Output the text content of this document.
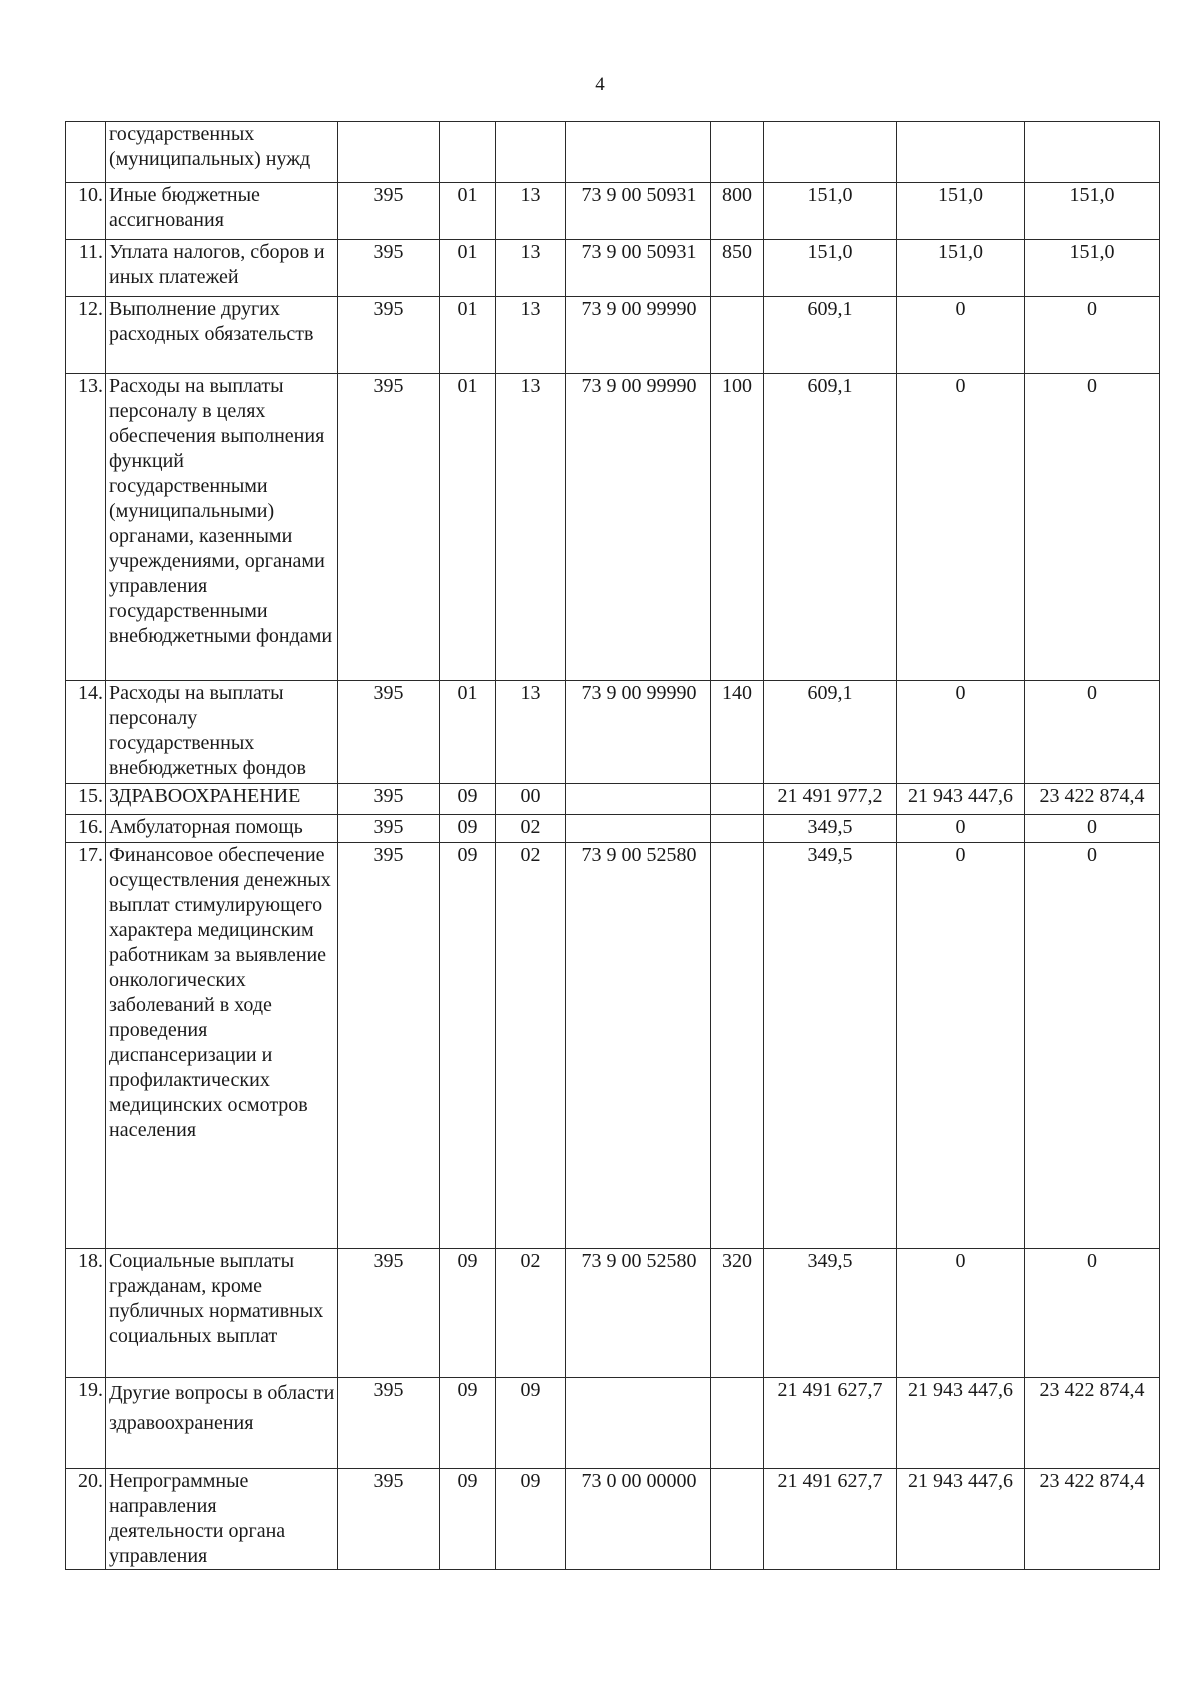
4
	государственных (муниципальных) нужд								
10.	Иные бюджетные ассигнования	395	01	13	73 9 00 50931	800	151,0	151,0	151,0
11.	Уплата налогов, сборов и иных платежей	395	01	13	73 9 00 50931	850	151,0	151,0	151,0
12.	Выполнение других расходных обязательств	395	01	13	73 9 00 99990		609,1	0	0
13.	Расходы на выплаты персоналу в целях обеспечения выполнения функций государственными (муниципальными) органами, казенными учреждениями, органами управления государственными внебюджетными фондами	395	01	13	73 9 00 99990	100	609,1	0	0
14.	Расходы на выплаты персоналу государственных внебюджетных фондов	395	01	13	73 9 00 99990	140	609,1	0	0
15.	ЗДРАВООХРАНЕНИЕ	395	09	00			21 491 977,2	21 943 447,6	23 422 874,4
16.	Амбулаторная помощь	395	09	02			349,5	0	0
17.	Финансовое обеспечение осуществления денежных выплат стимулирующего характера медицинским работникам за выявление онкологических заболеваний в ходе проведения диспансеризации и профилактических медицинских осмотров населения	395	09	02	73 9 00 52580		349,5	0	0
18.	Социальные выплаты гражданам, кроме публичных нормативных социальных выплат	395	09	02	73 9 00 52580	320	349,5	0	0
19.	Другие вопросы в области здравоохранения	395	09	09			21 491 627,7	21 943 447,6	23 422 874,4
20.	Непрограммные направления деятельности органа управления	395	09	09	73 0 00 00000		21 491 627,7	21 943 447,6	23 422 874,4
